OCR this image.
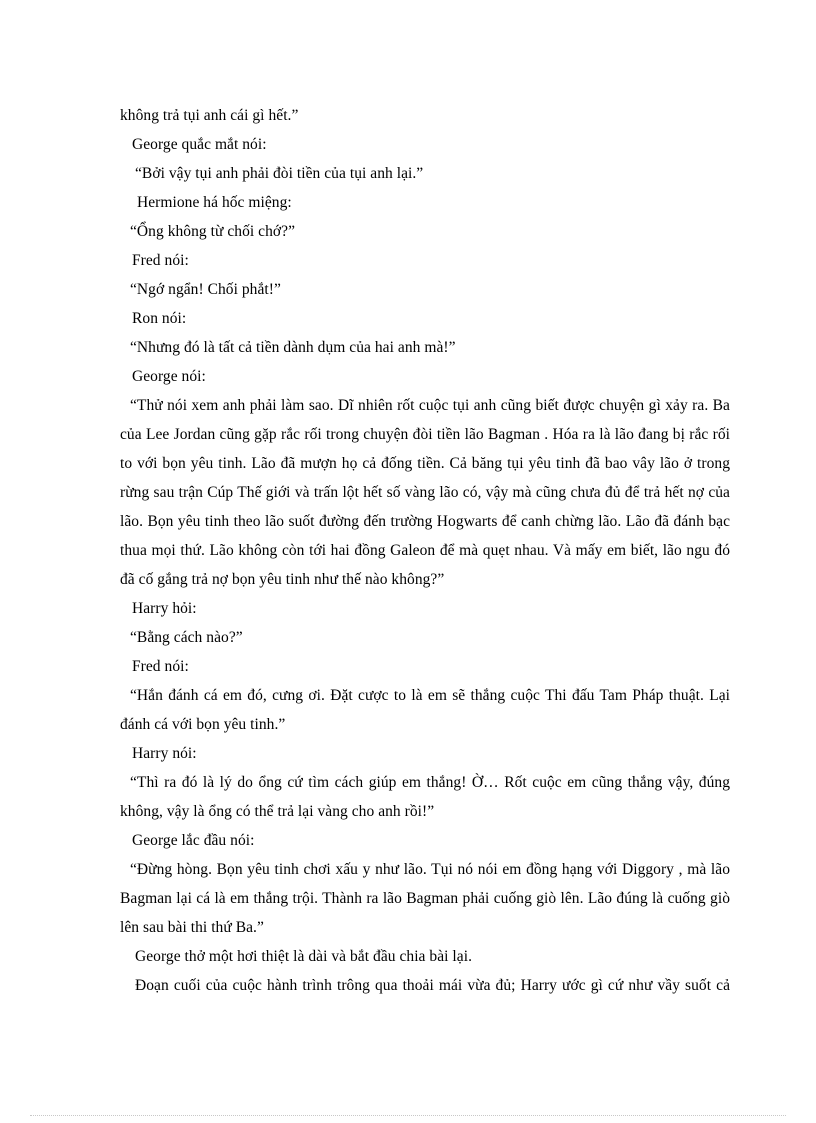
không trả tụi anh cái gì hết.”
George quắc mắt nói:
“Bởi vậy tụi anh phải đòi tiền của tụi anh lại.”
Hermione há hốc miệng:
“Ổng không từ chối chớ?”
Fred nói:
“Ngớ ngẩn! Chối phắt!”
Ron nói:
“Nhưng đó là tất cả tiền dành dụm của hai anh mà!”
George nói:
“Thử nói xem anh phải làm sao. Dĩ nhiên rốt cuộc tụi anh cũng biết được chuyện gì xảy ra. Ba
của Lee Jordan cũng gặp rắc rối trong chuyện đòi tiền lão Bagman . Hóa ra là lão đang bị rắc rối
to với bọn yêu tinh. Lão đã mượn họ cả đống tiền. Cả băng tụi yêu tinh đã bao vây lão ở trong
rừng sau trận Cúp Thế giới và trấn lột hết số vàng lão có, vậy mà cũng chưa đủ để trả hết nợ của
lão. Bọn yêu tinh theo lão suốt đường đến trường Hogwarts để canh chừng lão. Lão đã đánh bạc
thua mọi thứ. Lão không còn tới hai đồng Galeon để mà quẹt nhau. Và mấy em biết, lão ngu đó
đã cố gắng trả nợ bọn yêu tinh như thế nào không?”
Harry hỏi:
“Bằng cách nào?”
Fred nói:
“Hắn đánh cá em đó, cưng ơi. Đặt cược to là em sẽ thắng cuộc Thi đấu Tam Pháp thuật. Lại
đánh cá với bọn yêu tinh.”
Harry nói:
“Thì ra đó là lý do ổng cứ tìm cách giúp em thắng! Ờ… Rốt cuộc em cũng thắng vậy, đúng
không, vậy là ổng có thể trả lại vàng cho anh rồi!”
George lắc đầu nói:
“Đừng hòng. Bọn yêu tinh chơi xấu y như lão. Tụi nó nói em đồng hạng với Diggory , mà lão
Bagman lại cá là em thắng trội. Thành ra lão Bagman phải cuống giò lên. Lão đúng là cuống giò
lên sau bài thi thứ Ba.”
George thở một hơi thiệt là dài và bắt đầu chia bài lại.
Đoạn cuối của cuộc hành trình trông qua thoải mái vừa đủ; Harry ước gì cứ như vầy suốt cả
